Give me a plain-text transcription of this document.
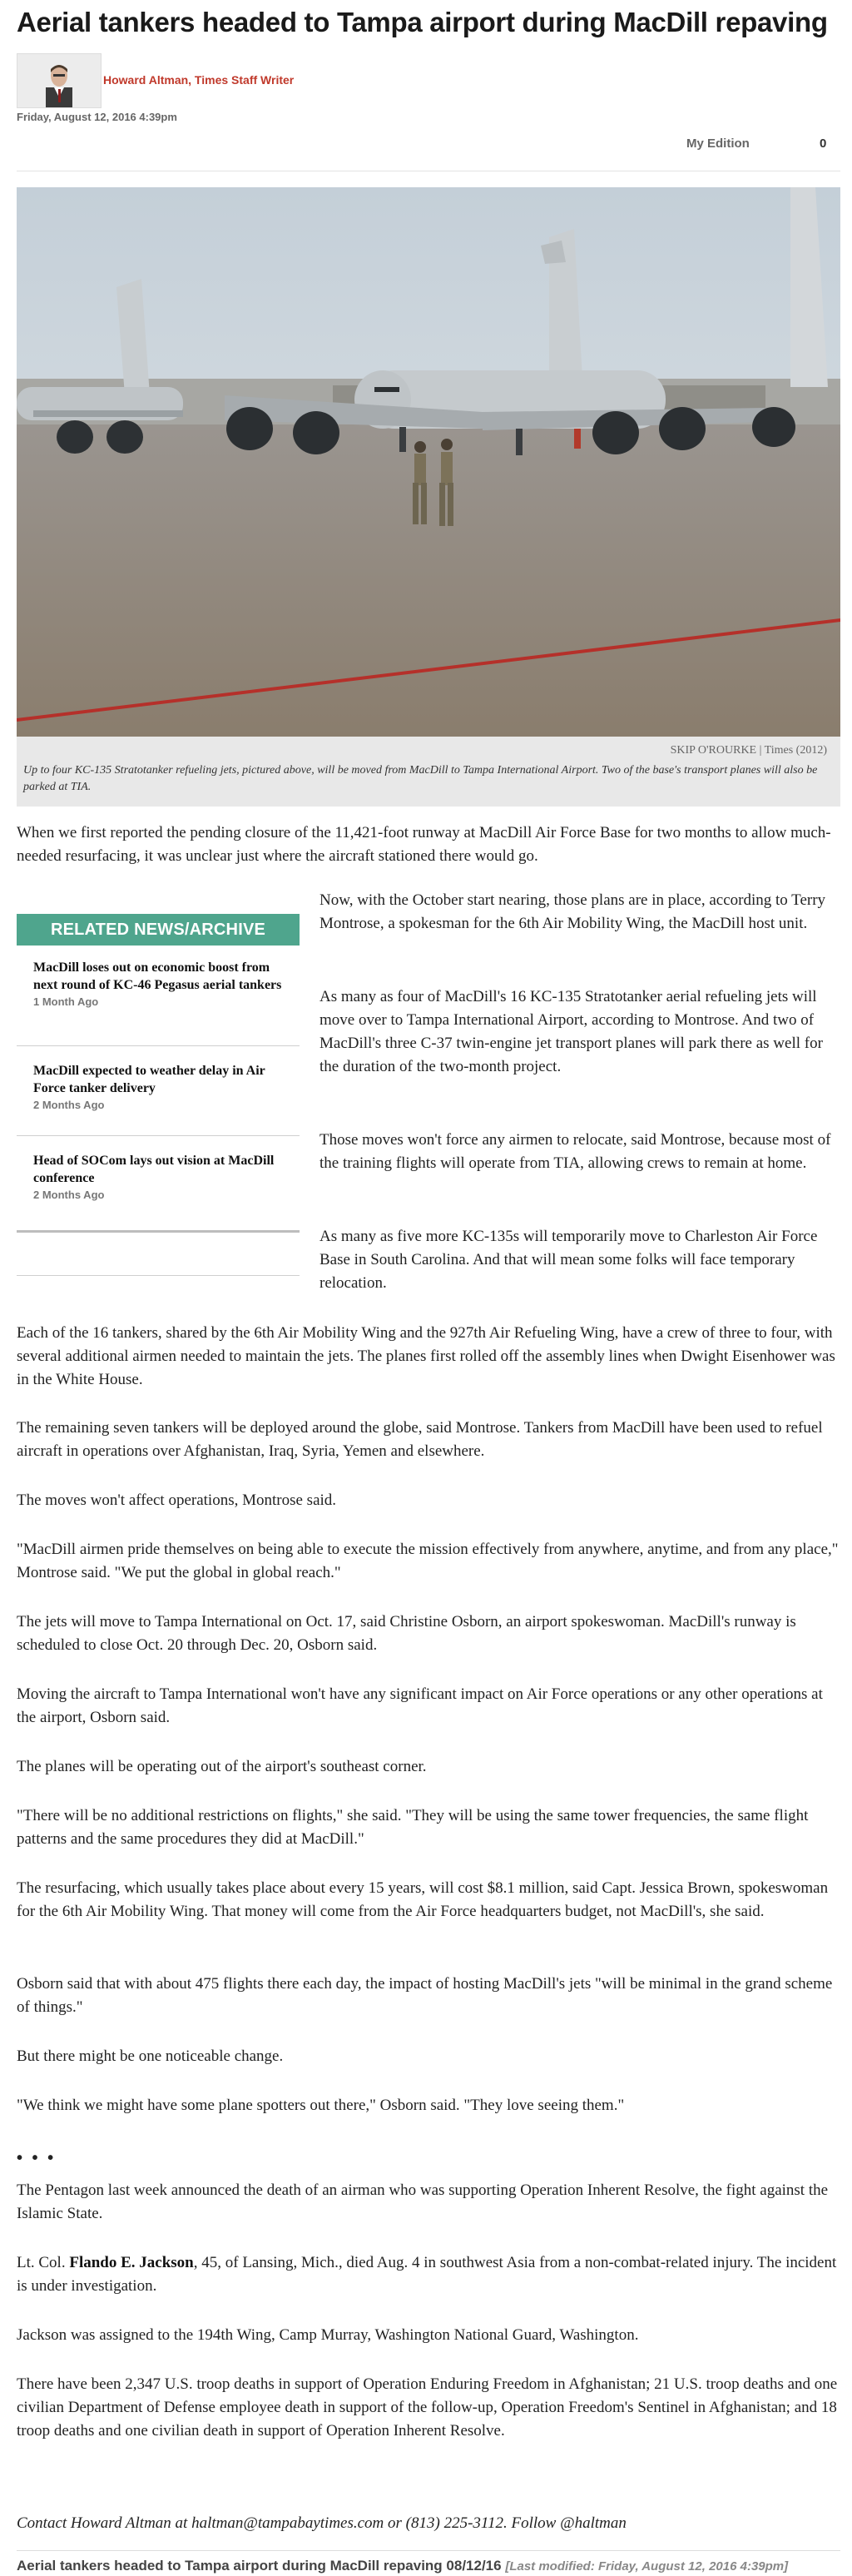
Aerial tankers headed to Tampa airport during MacDill repaving
Howard Altman, Times Staff Writer
Friday, August 12, 2016 4:39pm
My Edition	0
SKIP O'ROURKE | Times (2012)
Up to four KC-135 Stratotanker refueling jets, pictured above, will be moved from MacDill to Tampa International Airport. Two of the base's transport planes will also be parked at TIA.

When we first reported the pending closure of the 11,421-foot runway at MacDill Air Force Base for two months to allow much-needed resurfacing, it was unclear just where the aircraft stationed there would go.

RELATED NEWS/ARCHIVE
MacDill loses out on economic boost from next round of KC-46 Pegasus aerial tankers
1 Month Ago
MacDill expected to weather delay in Air Force tanker delivery
2 Months Ago
Head of SOCom lays out vision at MacDill conference
2 Months Ago

Now, with the October start nearing, those plans are in place, according to Terry Montrose, a spokesman for the 6th Air Mobility Wing, the MacDill host unit.

As many as four of MacDill's 16 KC-135 Stratotanker aerial refueling jets will move over to Tampa International Airport, according to Montrose. And two of MacDill's three C-37 twin-engine jet transport planes will park there as well for the duration of the two-month project.

Those moves won't force any airmen to relocate, said Montrose, because most of the training flights will operate from TIA, allowing crews to remain at home.

As many as five more KC-135s will temporarily move to Charleston Air Force Base in South Carolina. And that will mean some folks will face temporary relocation.

Each of the 16 tankers, shared by the 6th Air Mobility Wing and the 927th Air Refueling Wing, have a crew of three to four, with several additional airmen needed to maintain the jets. The planes first rolled off the assembly lines when Dwight Eisenhower was in the White House.

The remaining seven tankers will be deployed around the globe, said Montrose. Tankers from MacDill have been used to refuel aircraft in operations over Afghanistan, Iraq, Syria, Yemen and elsewhere.

The moves won't affect operations, Montrose said.

"MacDill airmen pride themselves on being able to execute the mission effectively from anywhere, anytime, and from any place," Montrose said. "We put the global in global reach."

The jets will move to Tampa International on Oct. 17, said Christine Osborn, an airport spokeswoman. MacDill's runway is scheduled to close Oct. 20 through Dec. 20, Osborn said.

Moving the aircraft to Tampa International won't have any significant impact on Air Force operations or any other operations at the airport, Osborn said.

The planes will be operating out of the airport's southeast corner.

"There will be no additional restrictions on flights," she said. "They will be using the same tower frequencies, the same flight patterns and the same procedures they did at MacDill."

The resurfacing, which usually takes place about every 15 years, will cost $8.1 million, said Capt. Jessica Brown, spokeswoman for the 6th Air Mobility Wing. That money will come from the Air Force headquarters budget, not MacDill's, she said.

Osborn said that with about 475 flights there each day, the impact of hosting MacDill's jets "will be minimal in the grand scheme of things."

But there might be one noticeable change.

"We think we might have some plane spotters out there," Osborn said. "They love seeing them."

• • •

The Pentagon last week announced the death of an airman who was supporting Operation Inherent Resolve, the fight against the Islamic State.

Lt. Col. Flando E. Jackson, 45, of Lansing, Mich., died Aug. 4 in southwest Asia from a non-combat-related injury. The incident is under investigation.

Jackson was assigned to the 194th Wing, Camp Murray, Washington National Guard, Washington.

There have been 2,347 U.S. troop deaths in support of Operation Enduring Freedom in Afghanistan; 21 U.S. troop deaths and one civilian Department of Defense employee death in support of the follow-up, Operation Freedom's Sentinel in Afghanistan; and 18 troop deaths and one civilian death in support of Operation Inherent Resolve.

Contact Howard Altman at haltman@tampabaytimes.com or (813) 225-3112. Follow @haltman
Aerial tankers headed to Tampa airport during MacDill repaving 08/12/16 [Last modified: Friday, August 12, 2016 4:39pm]
